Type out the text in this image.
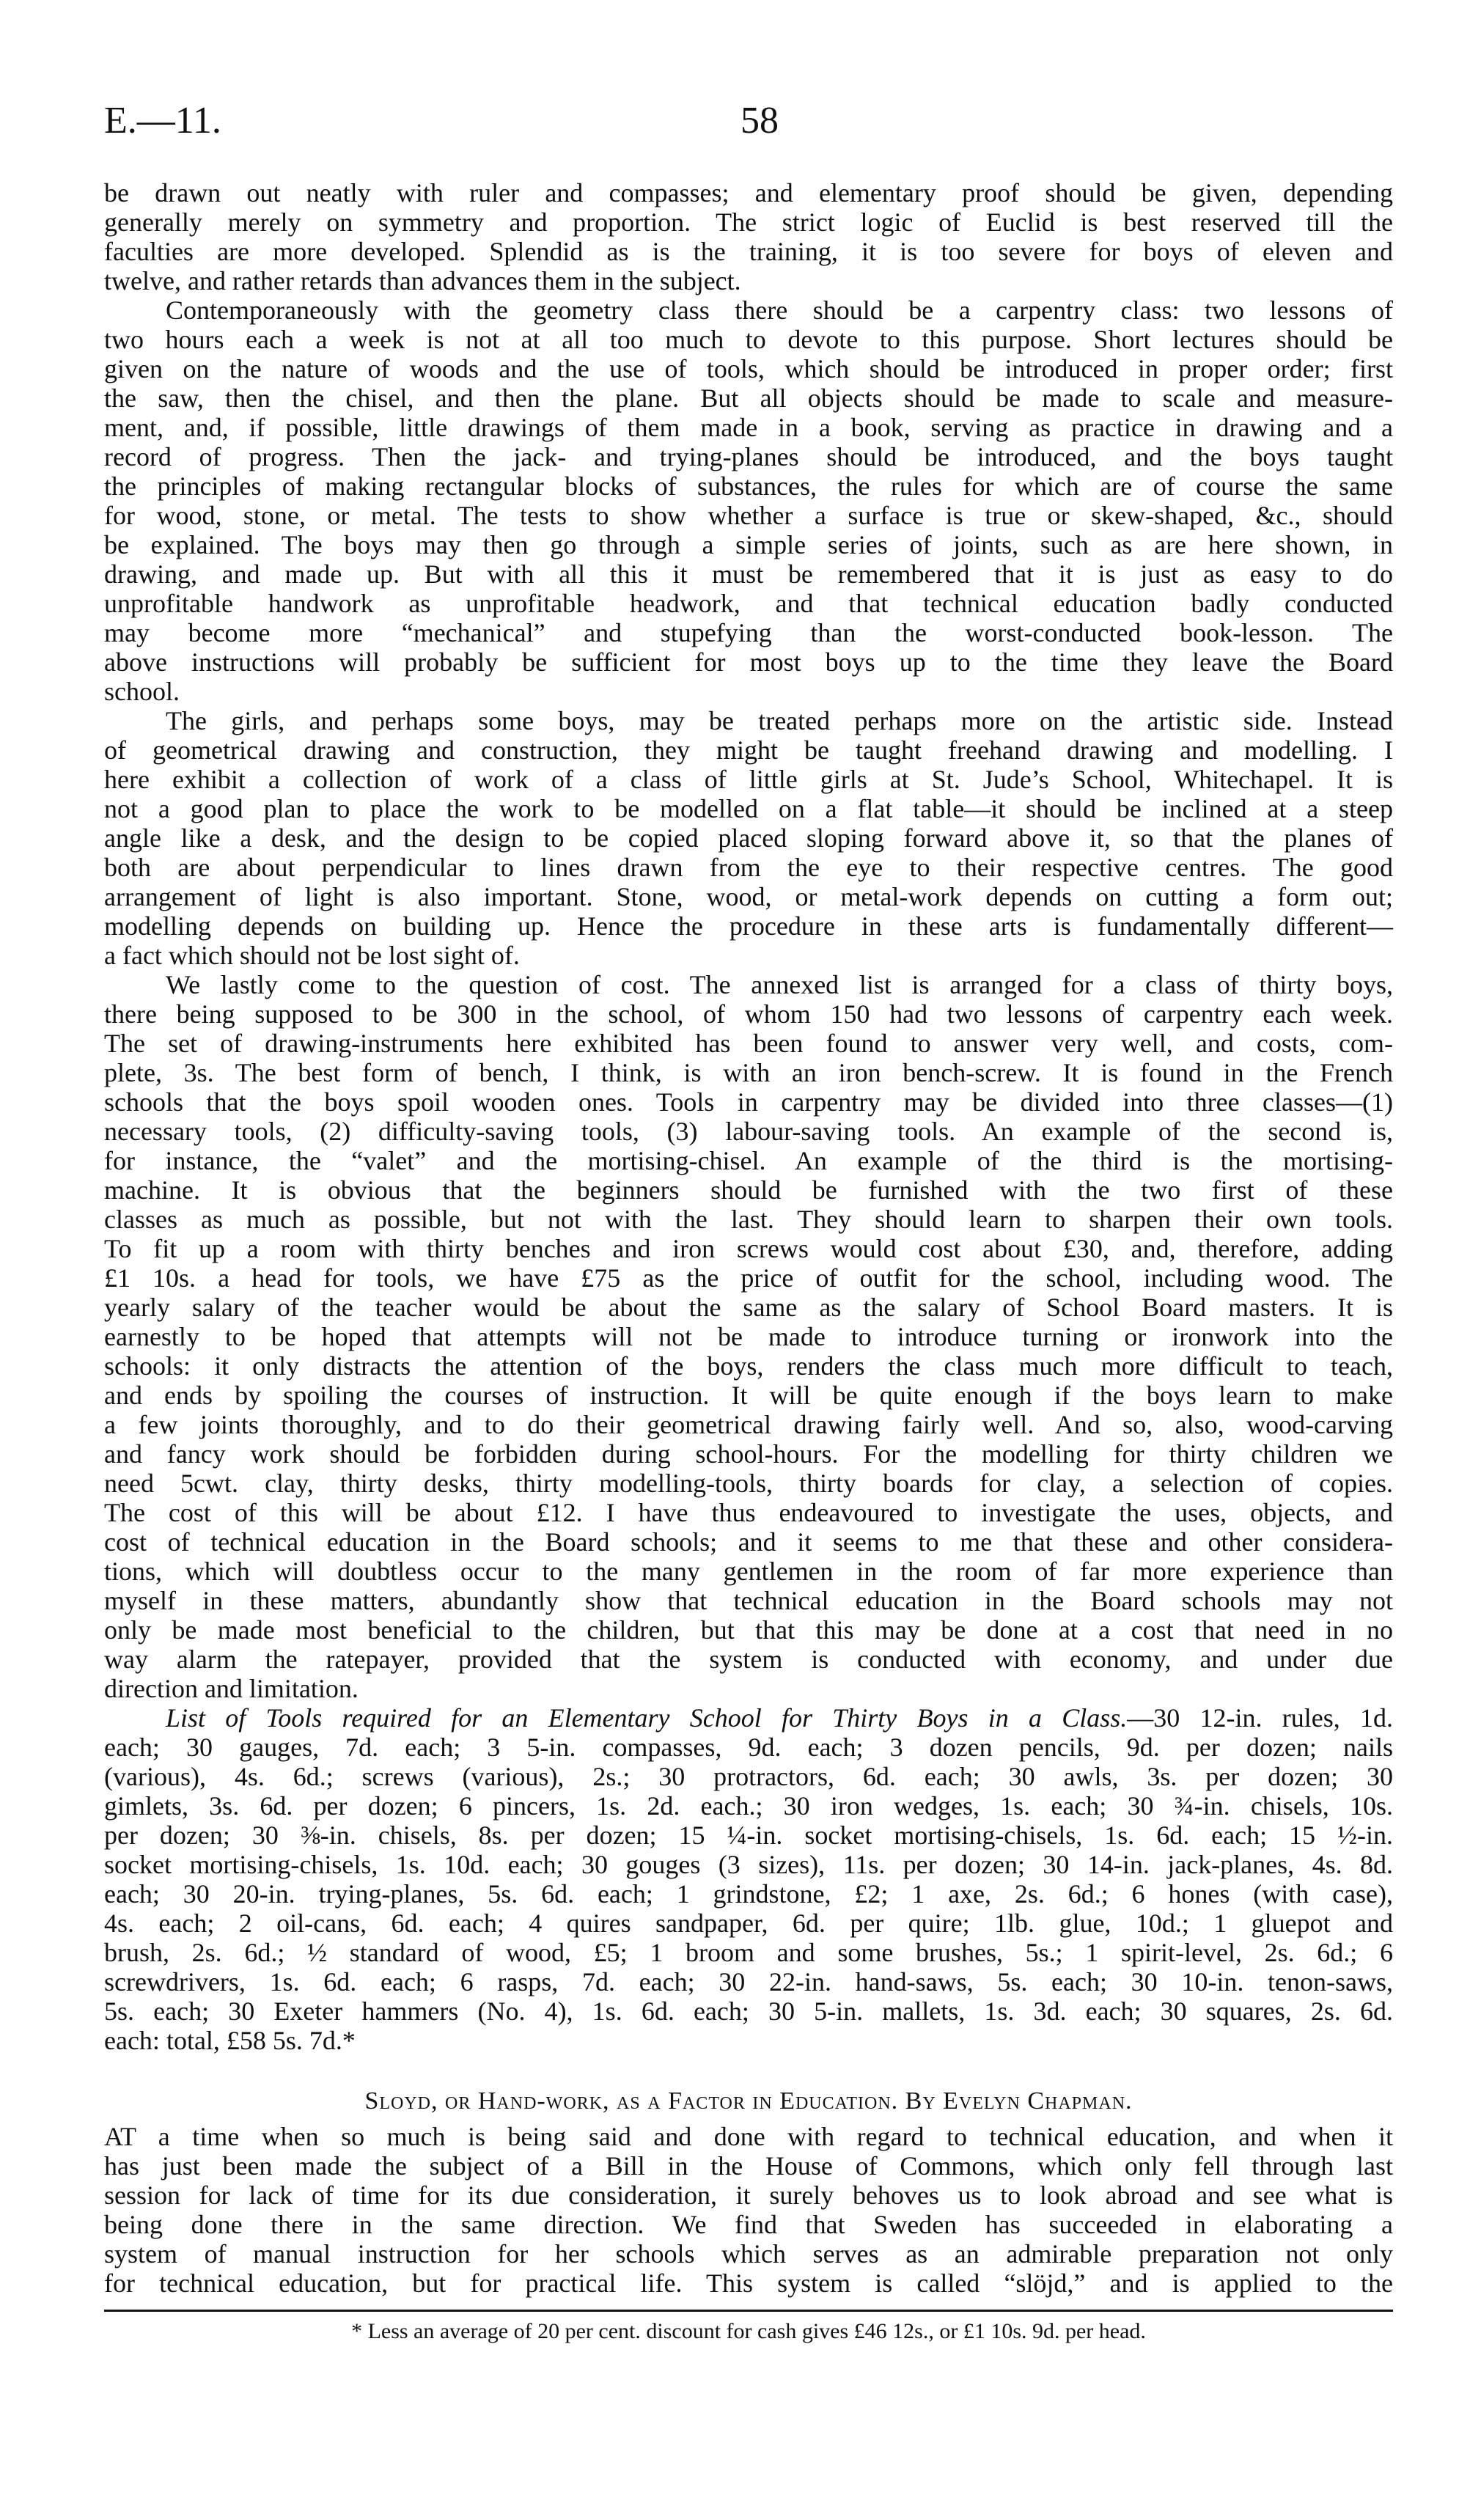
E.—11.	58
be drawn out neatly with ruler and compasses; and elementary proof should be given, depending
generally merely on symmetry and proportion. The strict logic of Euclid is best reserved till the
faculties are more developed. Splendid as is the training, it is too severe for boys of eleven and
twelve, and rather retards than advances them in the subject.
Contemporaneously with the geometry class there should be a carpentry class: two lessons of
two hours each a week is not at all too much to devote to this purpose. Short lectures should be
given on the nature of woods and the use of tools, which should be introduced in proper order; first
the saw, then the chisel, and then the plane. But all objects should be made to scale and measure-
ment, and, if possible, little drawings of them made in a book, serving as practice in drawing and a
record of progress. Then the jack- and trying-planes should be introduced, and the boys taught
the principles of making rectangular blocks of substances, the rules for which are of course the same
for wood, stone, or metal. The tests to show whether a surface is true or skew-shaped, &c., should
be explained. The boys may then go through a simple series of joints, such as are here shown, in
drawing, and made up. But with all this it must be remembered that it is just as easy to do
unprofitable handwork as unprofitable headwork, and that technical education badly conducted
may become more “mechanical” and stupefying than the worst-conducted book-lesson. The
above instructions will probably be sufficient for most boys up to the time they leave the Board
school.
The girls, and perhaps some boys, may be treated perhaps more on the artistic side. Instead
of geometrical drawing and construction, they might be taught freehand drawing and modelling. I
here exhibit a collection of work of a class of little girls at St. Jude’s School, Whitechapel. It is
not a good plan to place the work to be modelled on a flat table—it should be inclined at a steep
angle like a desk, and the design to be copied placed sloping forward above it, so that the planes of
both are about perpendicular to lines drawn from the eye to their respective centres. The good
arrangement of light is also important. Stone, wood, or metal-work depends on cutting a form out;
modelling depends on building up. Hence the procedure in these arts is fundamentally different—
a fact which should not be lost sight of.
We lastly come to the question of cost. The annexed list is arranged for a class of thirty boys,
there being supposed to be 300 in the school, of whom 150 had two lessons of carpentry each week.
The set of drawing-instruments here exhibited has been found to answer very well, and costs, com-
plete, 3s. The best form of bench, I think, is with an iron bench-screw. It is found in the French
schools that the boys spoil wooden ones. Tools in carpentry may be divided into three classes—(1)
necessary tools, (2) difficulty-saving tools, (3) labour-saving tools. An example of the second is,
for instance, the “valet” and the mortising-chisel. An example of the third is the mortising-
machine. It is obvious that the beginners should be furnished with the two first of these
classes as much as possible, but not with the last. They should learn to sharpen their own tools.
To fit up a room with thirty benches and iron screws would cost about £30, and, therefore, adding
£1 10s. a head for tools, we have £75 as the price of outfit for the school, including wood. The
yearly salary of the teacher would be about the same as the salary of School Board masters. It is
earnestly to be hoped that attempts will not be made to introduce turning or ironwork into the
schools: it only distracts the attention of the boys, renders the class much more difficult to teach,
and ends by spoiling the courses of instruction. It will be quite enough if the boys learn to make
a few joints thoroughly, and to do their geometrical drawing fairly well. And so, also, wood-carving
and fancy work should be forbidden during school-hours. For the modelling for thirty children we
need 5cwt. clay, thirty desks, thirty modelling-tools, thirty boards for clay, a selection of copies.
The cost of this will be about £12. I have thus endeavoured to investigate the uses, objects, and
cost of technical education in the Board schools; and it seems to me that these and other considera-
tions, which will doubtless occur to the many gentlemen in the room of far more experience than
myself in these matters, abundantly show that technical education in the Board schools may not
only be made most beneficial to the children, but that this may be done at a cost that need in no
way alarm the ratepayer, provided that the system is conducted with economy, and under due
direction and limitation.
List of Tools required for an Elementary School for Thirty Boys in a Class.—30 12-in. rules, 1d.
each; 30 gauges, 7d. each; 3 5-in. compasses, 9d. each; 3 dozen pencils, 9d. per dozen; nails
(various), 4s. 6d.; screws (various), 2s.; 30 protractors, 6d. each; 30 awls, 3s. per dozen; 30
gimlets, 3s. 6d. per dozen; 6 pincers, 1s. 2d. each.; 30 iron wedges, 1s. each; 30 ¾-in. chisels, 10s.
per dozen; 30 ⅜-in. chisels, 8s. per dozen; 15 ¼-in. socket mortising-chisels, 1s. 6d. each; 15 ½-in.
socket mortising-chisels, 1s. 10d. each; 30 gouges (3 sizes), 11s. per dozen; 30 14-in. jack-planes, 4s. 8d.
each; 30 20-in. trying-planes, 5s. 6d. each; 1 grindstone, £2; 1 axe, 2s. 6d.; 6 hones (with case),
4s. each; 2 oil-cans, 6d. each; 4 quires sandpaper, 6d. per quire; 1lb. glue, 10d.; 1 gluepot and
brush, 2s. 6d.; ½ standard of wood, £5; 1 broom and some brushes, 5s.; 1 spirit-level, 2s. 6d.; 6
screwdrivers, 1s. 6d. each; 6 rasps, 7d. each; 30 22-in. hand-saws, 5s. each; 30 10-in. tenon-saws,
5s. each; 30 Exeter hammers (No. 4), 1s. 6d. each; 30 5-in. mallets, 1s. 3d. each; 30 squares, 2s. 6d.
each: total, £58 5s. 7d.*
Sloyd, or Hand-work, as a Factor in Education. By Evelyn Chapman.
AT a time when so much is being said and done with regard to technical education, and when it
has just been made the subject of a Bill in the House of Commons, which only fell through last
session for lack of time for its due consideration, it surely behoves us to look abroad and see what is
being done there in the same direction. We find that Sweden has succeeded in elaborating a
system of manual instruction for her schools which serves as an admirable preparation not only
for technical education, but for practical life. This system is called “slöjd,” and is applied to the
* Less an average of 20 per cent. discount for cash gives £46 12s., or £1 10s. 9d. per head.
